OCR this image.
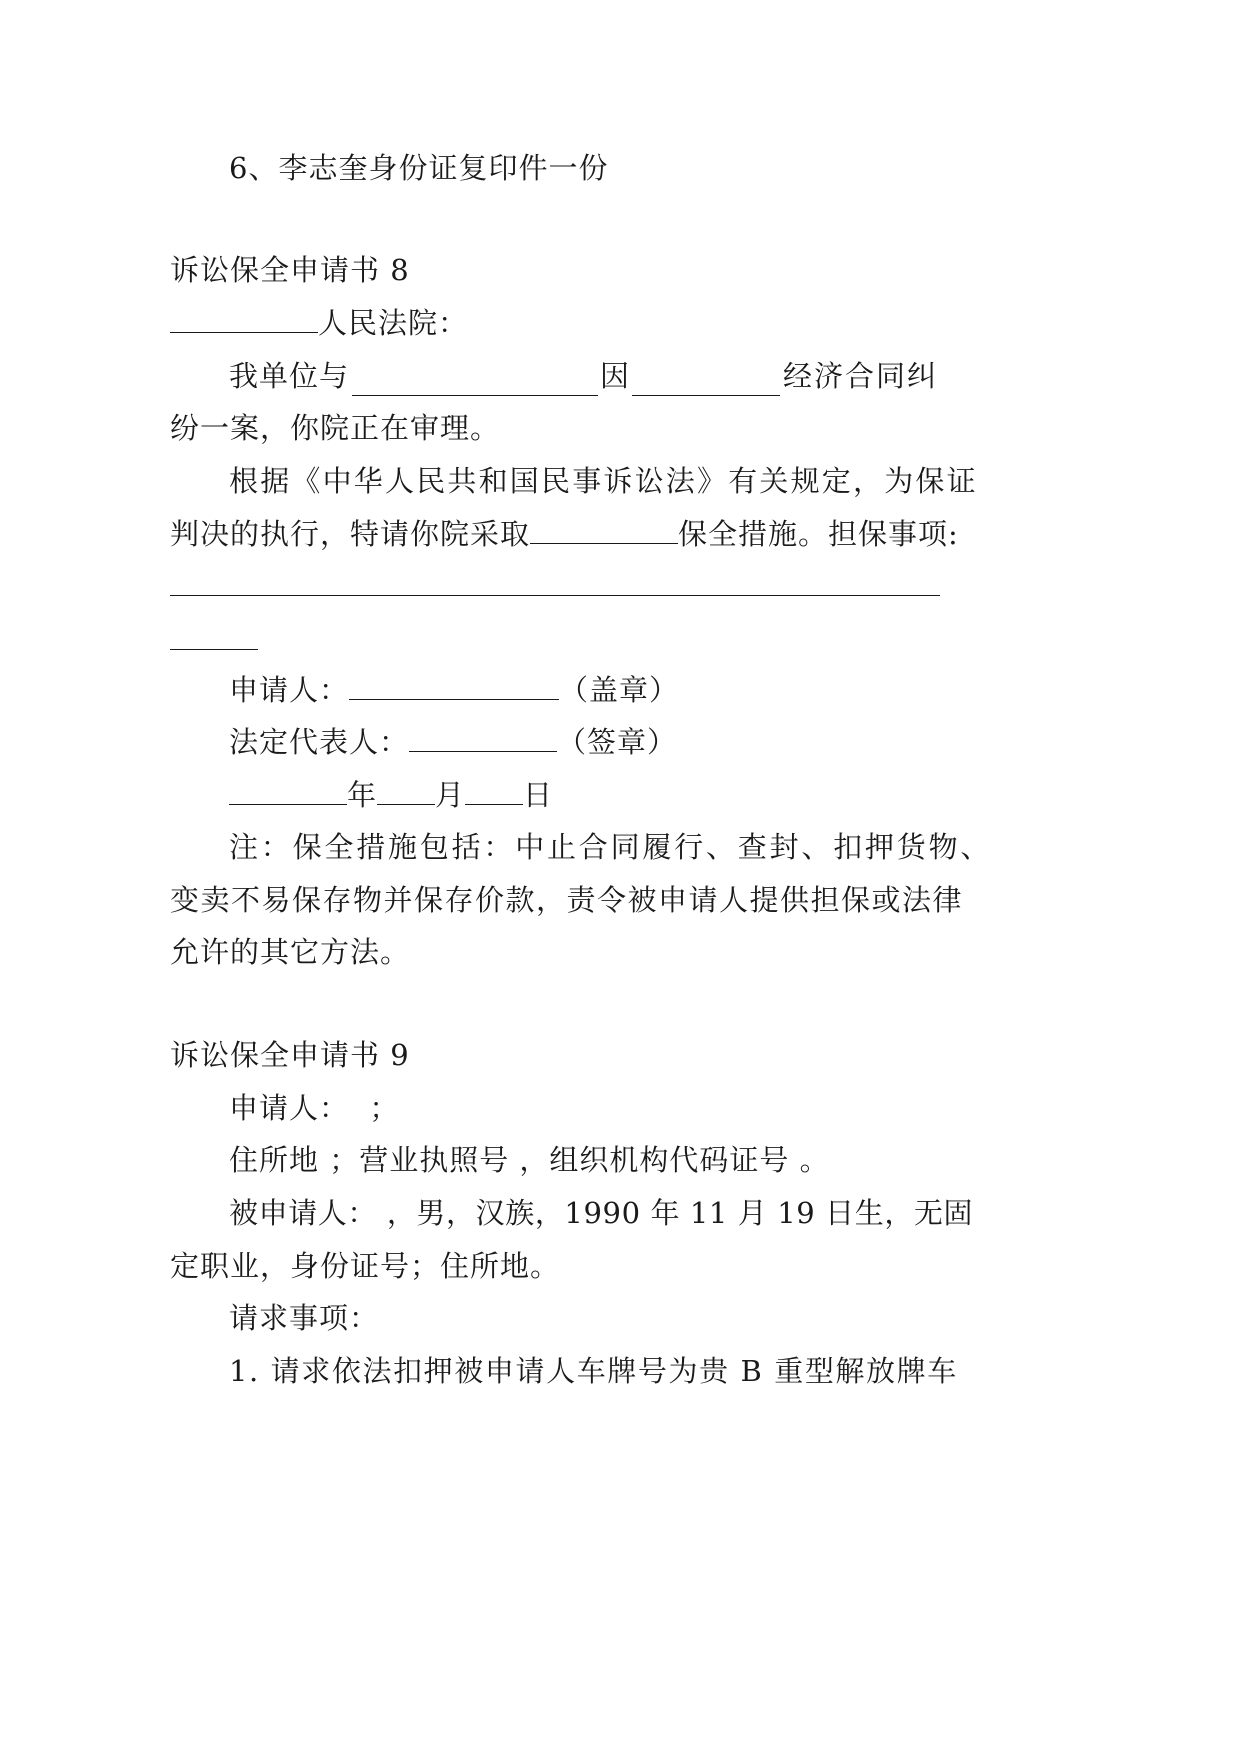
6、李志奎身份证复印件一份
诉讼保全申请书 8
人民法院：
我单位与	因	经济合同纠
纷一案，你院正在审理。
根据《中华人民共和国民事诉讼法》有关规定，为保证
判决的执行，特请你院采取	保全措施。担保事项:
申请人：	（盖章）
法定代表人：	（签章）
年 月 日
注：保全措施包括：中止合同履行、查封、扣押货物、
变卖不易保存物并保存价款，责令被申请人提供担保或法律
允许的其它方法。
诉讼保全申请书 9
申请人：  ；
住所地 ；营业执照号 ，组织机构代码证号 。
被申请人： ，男，汉族，1990 年 11 月 19 日生，无固
定职业，身份证号；住所地。
请求事项：
1. 请求依法扣押被申请人车牌号为贵 B 重型解放牌车
